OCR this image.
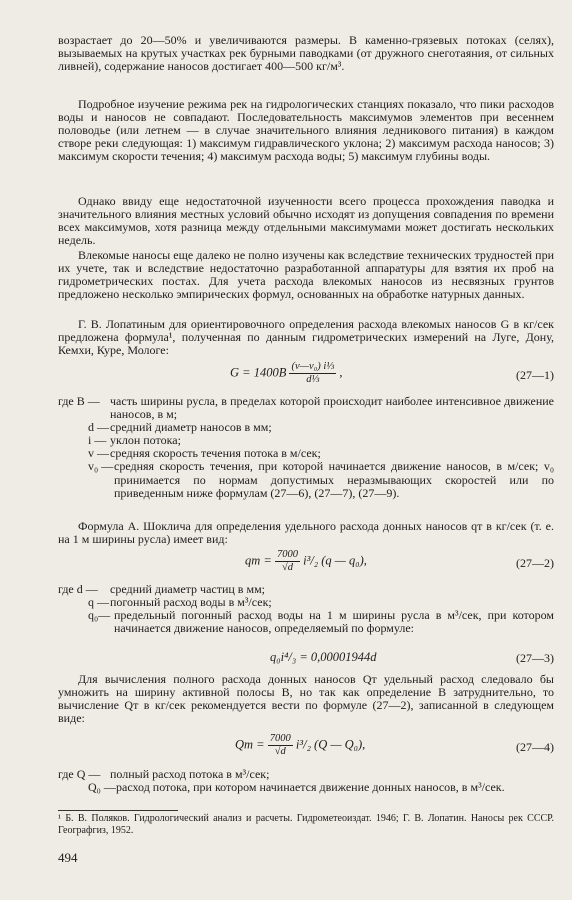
возрастает до 20—50% и увеличиваются размеры. В каменно-грязевых потоках (селях), вызываемых на крутых участках рек бурными паводками (от дружного снеготаяния, от сильных ливней), содержание наносов достигает 400—500 кг/м³.

Подробное изучение режима рек на гидрологических станциях показало, что пики расходов воды и наносов не совпадают. Последовательность максимумов элементов при весеннем половодье (или летнем — в случае значительного влияния ледникового питания) в каждом створе реки следующая: 1) максимум гидравлического уклона; 2) максимум расхода наносов; 3) максимум скорости течения; 4) максимум расхода воды; 5) максимум глубины воды.

Однако ввиду еще недостаточной изученности всего процесса прохождения паводка и значительного влияния местных условий обычно исходят из допущения совпадения по времени всех максимумов, хотя разница между отдельными максимумами может достигать нескольких недель.

Влекомые наносы еще далеко не полно изучены как вследствие технических трудностей при их учете, так и вследствие недостаточно разработанной аппаратуры для взятия их проб на гидрометрических постах. Для учета расхода влекомых наносов из несвязных грунтов предложено несколько эмпирических формул, основанных на обработке натурных данных.

Г. В. Лопатиным для ориентировочного определения расхода влекомых наносов G в кг/сек предложена формула¹, полученная по данным гидрометрических измерений на Луге, Дону, Кемхи, Куре, Мологе:

$G = 1400B \frac{\text{(v—v₀) i⅓}}{\text{d⅓}}$ ,	(27—1)
где B — часть ширины русла, в пределах которой происходит наиболее интенсивное движение наносов, в м;
d — средний диаметр наносов в мм;
i — уклон потока;
v — средняя скорость течения потока в м/сек;
v₀ — средняя скорость течения, при которой начинается движение наносов, в м/сек; v₀ принимается по нормам допустимых неразмывающих скоростей или по приведенным ниже формулам (27—6), (27—7), (27—9).

Формула А. Шоклича для определения удельного расхода донных наносов qт в кг/сек (т. е. на 1 м ширины русла) имеет вид:

qт = $\frac{7000}{√d} i^3/_2$ (q — q₀),	(27—2)
где d —	средний диаметр частиц в мм;
q — погонный расход воды в м³/сек;
q₀— предельный погонный расход воды на 1 м ширины русла в м³/сек, при котором начинается движение наносов, определяемый по формуле:
q₀i⁴/₃ = 0,00001944d	(27—3)

Для вычисления полного расхода донных наносов Qт удельный расход следовало бы умножить на ширину активной полосы B, но так как определение B затруднительно, то вычисление Qт в кг/сек рекомендуется вести по формуле (27—2), записанной в следующем виде:

Qт = $\frac{7000}{√d} i^3/_2$ (Q — Q₀),	(27—4)
где Q — полный расход потока в м³/сек;
Q₀ — расход потока, при котором начинается движение донных наносов, в м³/сек.
¹ Б. В. Поляков. Гидрологический анализ и расчеты. Гидрометеоиздат. 1946; Г. В. Лопатин. Наносы рек СССР. Географгиз, 1952.
494
